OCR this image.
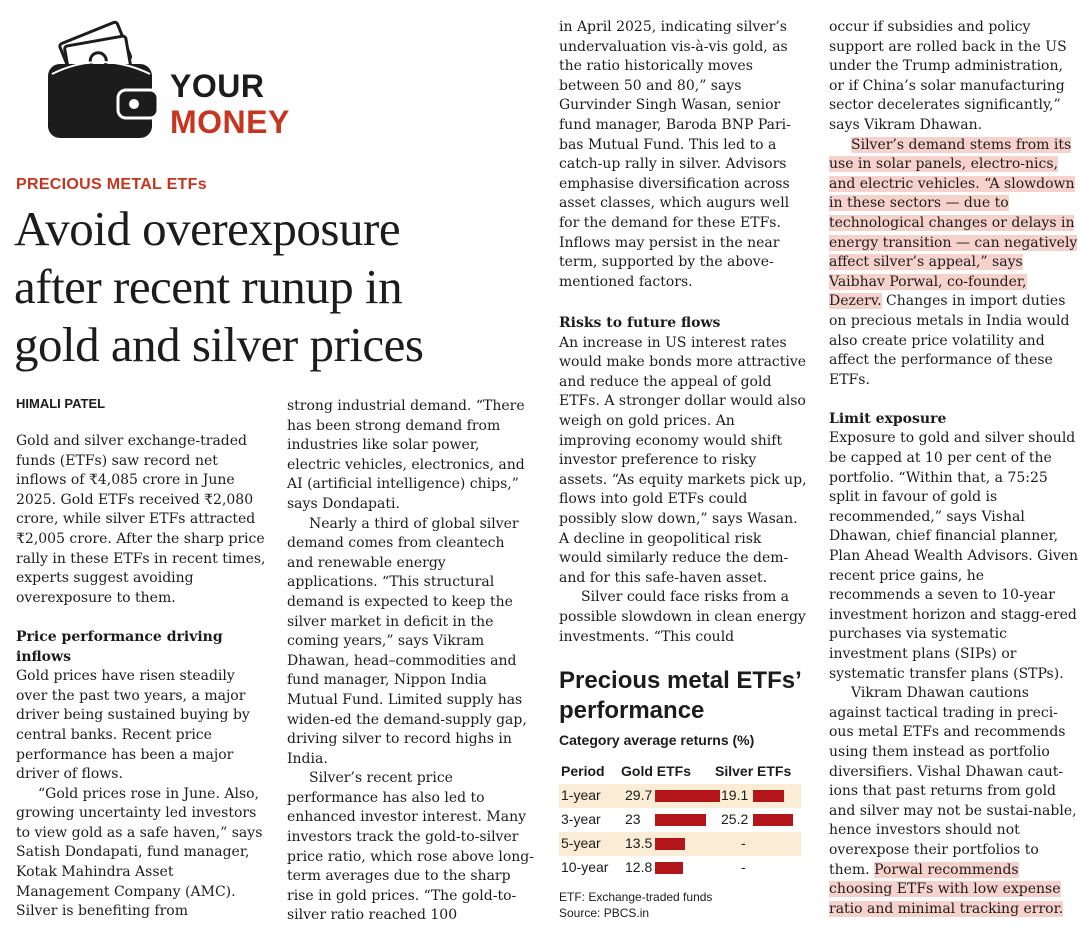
YOUR
MONEY
PRECIOUS METAL ETFs
Avoid overexposure
after recent runup in
gold and silver prices
HIMALI PATEL

Gold and silver exchange-traded funds (ETFs) saw record net inflows of ₹4,085 crore in June 2025. Gold ETFs received ₹2,080 crore, while silver ETFs attracted ₹2,005 crore. After the sharp price rally in these ETFs in recent times, experts suggest avoiding overexposure to them.

Price performance driving inflows

Gold prices have risen steadily over the past two years, a major driver being sustained buying by central banks. Recent price performance has been a major driver of flows.

“Gold prices rose in June. Also, growing uncertainty led investors to view gold as a safe haven,” says Satish Dondapati, fund manager, Kotak Mahindra Asset Management Company (AMC). Silver is benefiting from

strong industrial demand. “There has been strong demand from industries like solar power, electric vehicles, electronics, and AI (artificial intelligence) chips,” says Dondapati.

Nearly a third of global silver demand comes from cleantech and renewable energy applications. “This structural demand is expected to keep the silver market in deficit in the coming years,” says Vikram Dhawan, head–commodities and fund manager, Nippon India Mutual Fund. Limited supply has widen-ed the demand-supply gap, driving silver to record highs in India.

Silver’s recent price performance has also led to enhanced investor interest. Many investors track the gold-to-silver price ratio, which rose above long-term averages due to the sharp rise in gold prices. “The gold-to-silver ratio reached 100

in April 2025, indicating silver’s undervaluation vis-à-vis gold, as the ratio historically moves between 50 and 80,” says Gurvinder Singh Wasan, senior fund manager, Baroda BNP Pari-bas Mutual Fund. This led to a catch-up rally in silver. Advisors emphasise diversification across asset classes, which augurs well for the demand for these ETFs. Inflows may persist in the near term, supported by the above-mentioned factors.

Risks to future flows

An increase in US interest rates would make bonds more attractive and reduce the appeal of gold ETFs. A stronger dollar would also weigh on gold prices. An improving economy would shift investor preference to risky assets. “As equity markets pick up, flows into gold ETFs could possibly slow down,” says Wasan. A decline in geopolitical risk would similarly reduce the dem-and for this safe-haven asset.

Silver could face risks from a possible slowdown in clean energy investments. “This could

Precious metal ETFs’ performance
Category average returns (%)
Period Gold ETFs Silver ETFs
1-year 29.7	19.1
3-year 23	25.2
5-year 13.5	-
10-year 12.8	-
ETF: Exchange-traded funds
Source: PBCS.in

occur if subsidies and policy support are rolled back in the US under the Trump administration, or if China’s solar manufacturing sector decelerates significantly,” says Vikram Dhawan.

Silver’s demand stems from its use in solar panels, electro-nics, and electric vehicles. “A slowdown in these sectors — due to technological changes or delays in energy transition — can negatively affect silver’s appeal,” says Vaibhav Porwal, co-founder, Dezerv. Changes in import duties on precious metals in India would also create price volatility and affect the performance of these ETFs.

Limit exposure

Exposure to gold and silver should be capped at 10 per cent of the portfolio. “Within that, a 75:25 split in favour of gold is recommended,” says Vishal Dhawan, chief financial planner, Plan Ahead Wealth Advisors. Given recent price gains, he recommends a seven to 10-year investment horizon and stagg-ered purchases via systematic investment plans (SIPs) or systematic transfer plans (STPs).

Vikram Dhawan cautions against tactical trading in preci-ous metal ETFs and recommends using them instead as portfolio diversifiers. Vishal Dhawan caut-ions that past returns from gold and silver may not be sustai-nable, hence investors should not overexpose their portfolios to them. Porwal recommends choosing ETFs with low expense ratio and minimal tracking error.
